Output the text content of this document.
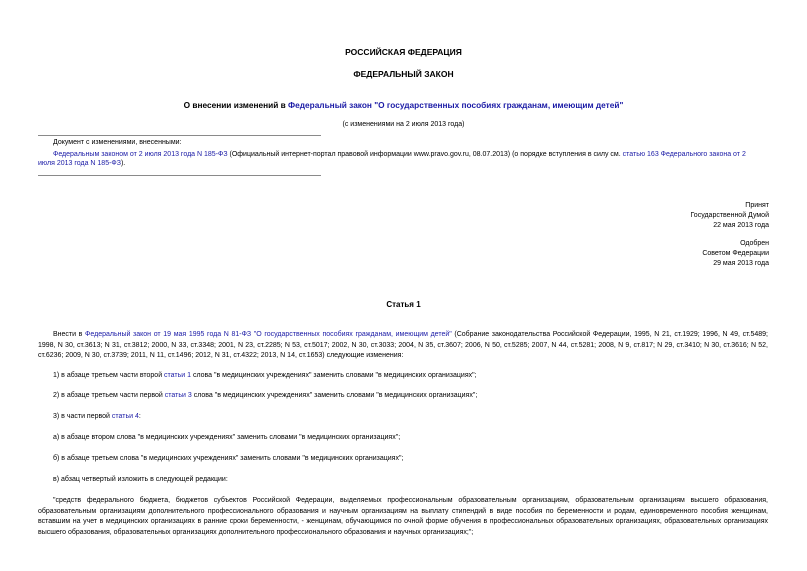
РОССИЙСКАЯ ФЕДЕРАЦИЯ
ФЕДЕРАЛЬНЫЙ ЗАКОН
О внесении изменений в Федеральный закон "О государственных пособиях гражданам, имеющим детей"
(с изменениями на 2 июля 2013 года)
Документ с изменениями, внесенными:
Федеральным законом от 2 июля 2013 года N 185-ФЗ (Официальный интернет-портал правовой информации www.pravo.gov.ru, 08.07.2013) (о порядке вступления в силу см. статью 163 Федерального закона от 2
июля 2013 года N 185-ФЗ).
Принят
Государственной Думой
22 мая 2013 года
Одобрен
Советом Федерации
29 мая 2013 года
Статья 1
Внести в Федеральный закон от 19 мая 1995 года N 81-ФЗ "О государственных пособиях гражданам, имеющим детей" (Собрание законодательства Российской Федерации, 1995, N 21, ст.1929; 1996, N 49, ст.5489; 1998, N 30, ст.3613; N 31, ст.3812; 2000, N 33, ст.3348; 2001, N 23, ст.2285; N 53, ст.5017; 2002, N 30, ст.3033; 2004, N 35, ст.3607; 2006, N 50, ст.5285; 2007, N 44, ст.5281; 2008, N 9, ст.817; N 29, ст.3410; N 30, ст.3616; N 52, ст.6236; 2009, N 30, ст.3739; 2011, N 11, ст.1496; 2012, N 31, ст.4322; 2013, N 14, ст.1653) следующие изменения:
1) в абзаце третьем части второй статьи 1 слова "в медицинских учреждениях" заменить словами "в медицинских организациях";
2) в абзаце третьем части первой статьи 3 слова "в медицинских учреждениях" заменить словами "в медицинских организациях";
3) в части первой статьи 4:
а) в абзаце втором слова "в медицинских учреждениях" заменить словами "в медицинских организациях";
б) в абзаце третьем слова "в медицинских учреждениях" заменить словами "в медицинских организациях";
в) абзац четвертый изложить в следующей редакции:
"средств федерального бюджета, бюджетов субъектов Российской Федерации, выделяемых профессиональным образовательным организациям, образовательным организациям высшего образования, образовательным организациям дополнительного профессионального образования и научным организациям на выплату стипендий в виде пособия по беременности и родам, единовременного пособия женщинам, вставшим на учет в медицинских организациях в ранние сроки беременности, - женщинам, обучающимся по очной форме обучения в профессиональных образовательных организациях, образовательных организациях высшего образования, образовательных организациях дополнительного профессионального образования и научных организациях;";
